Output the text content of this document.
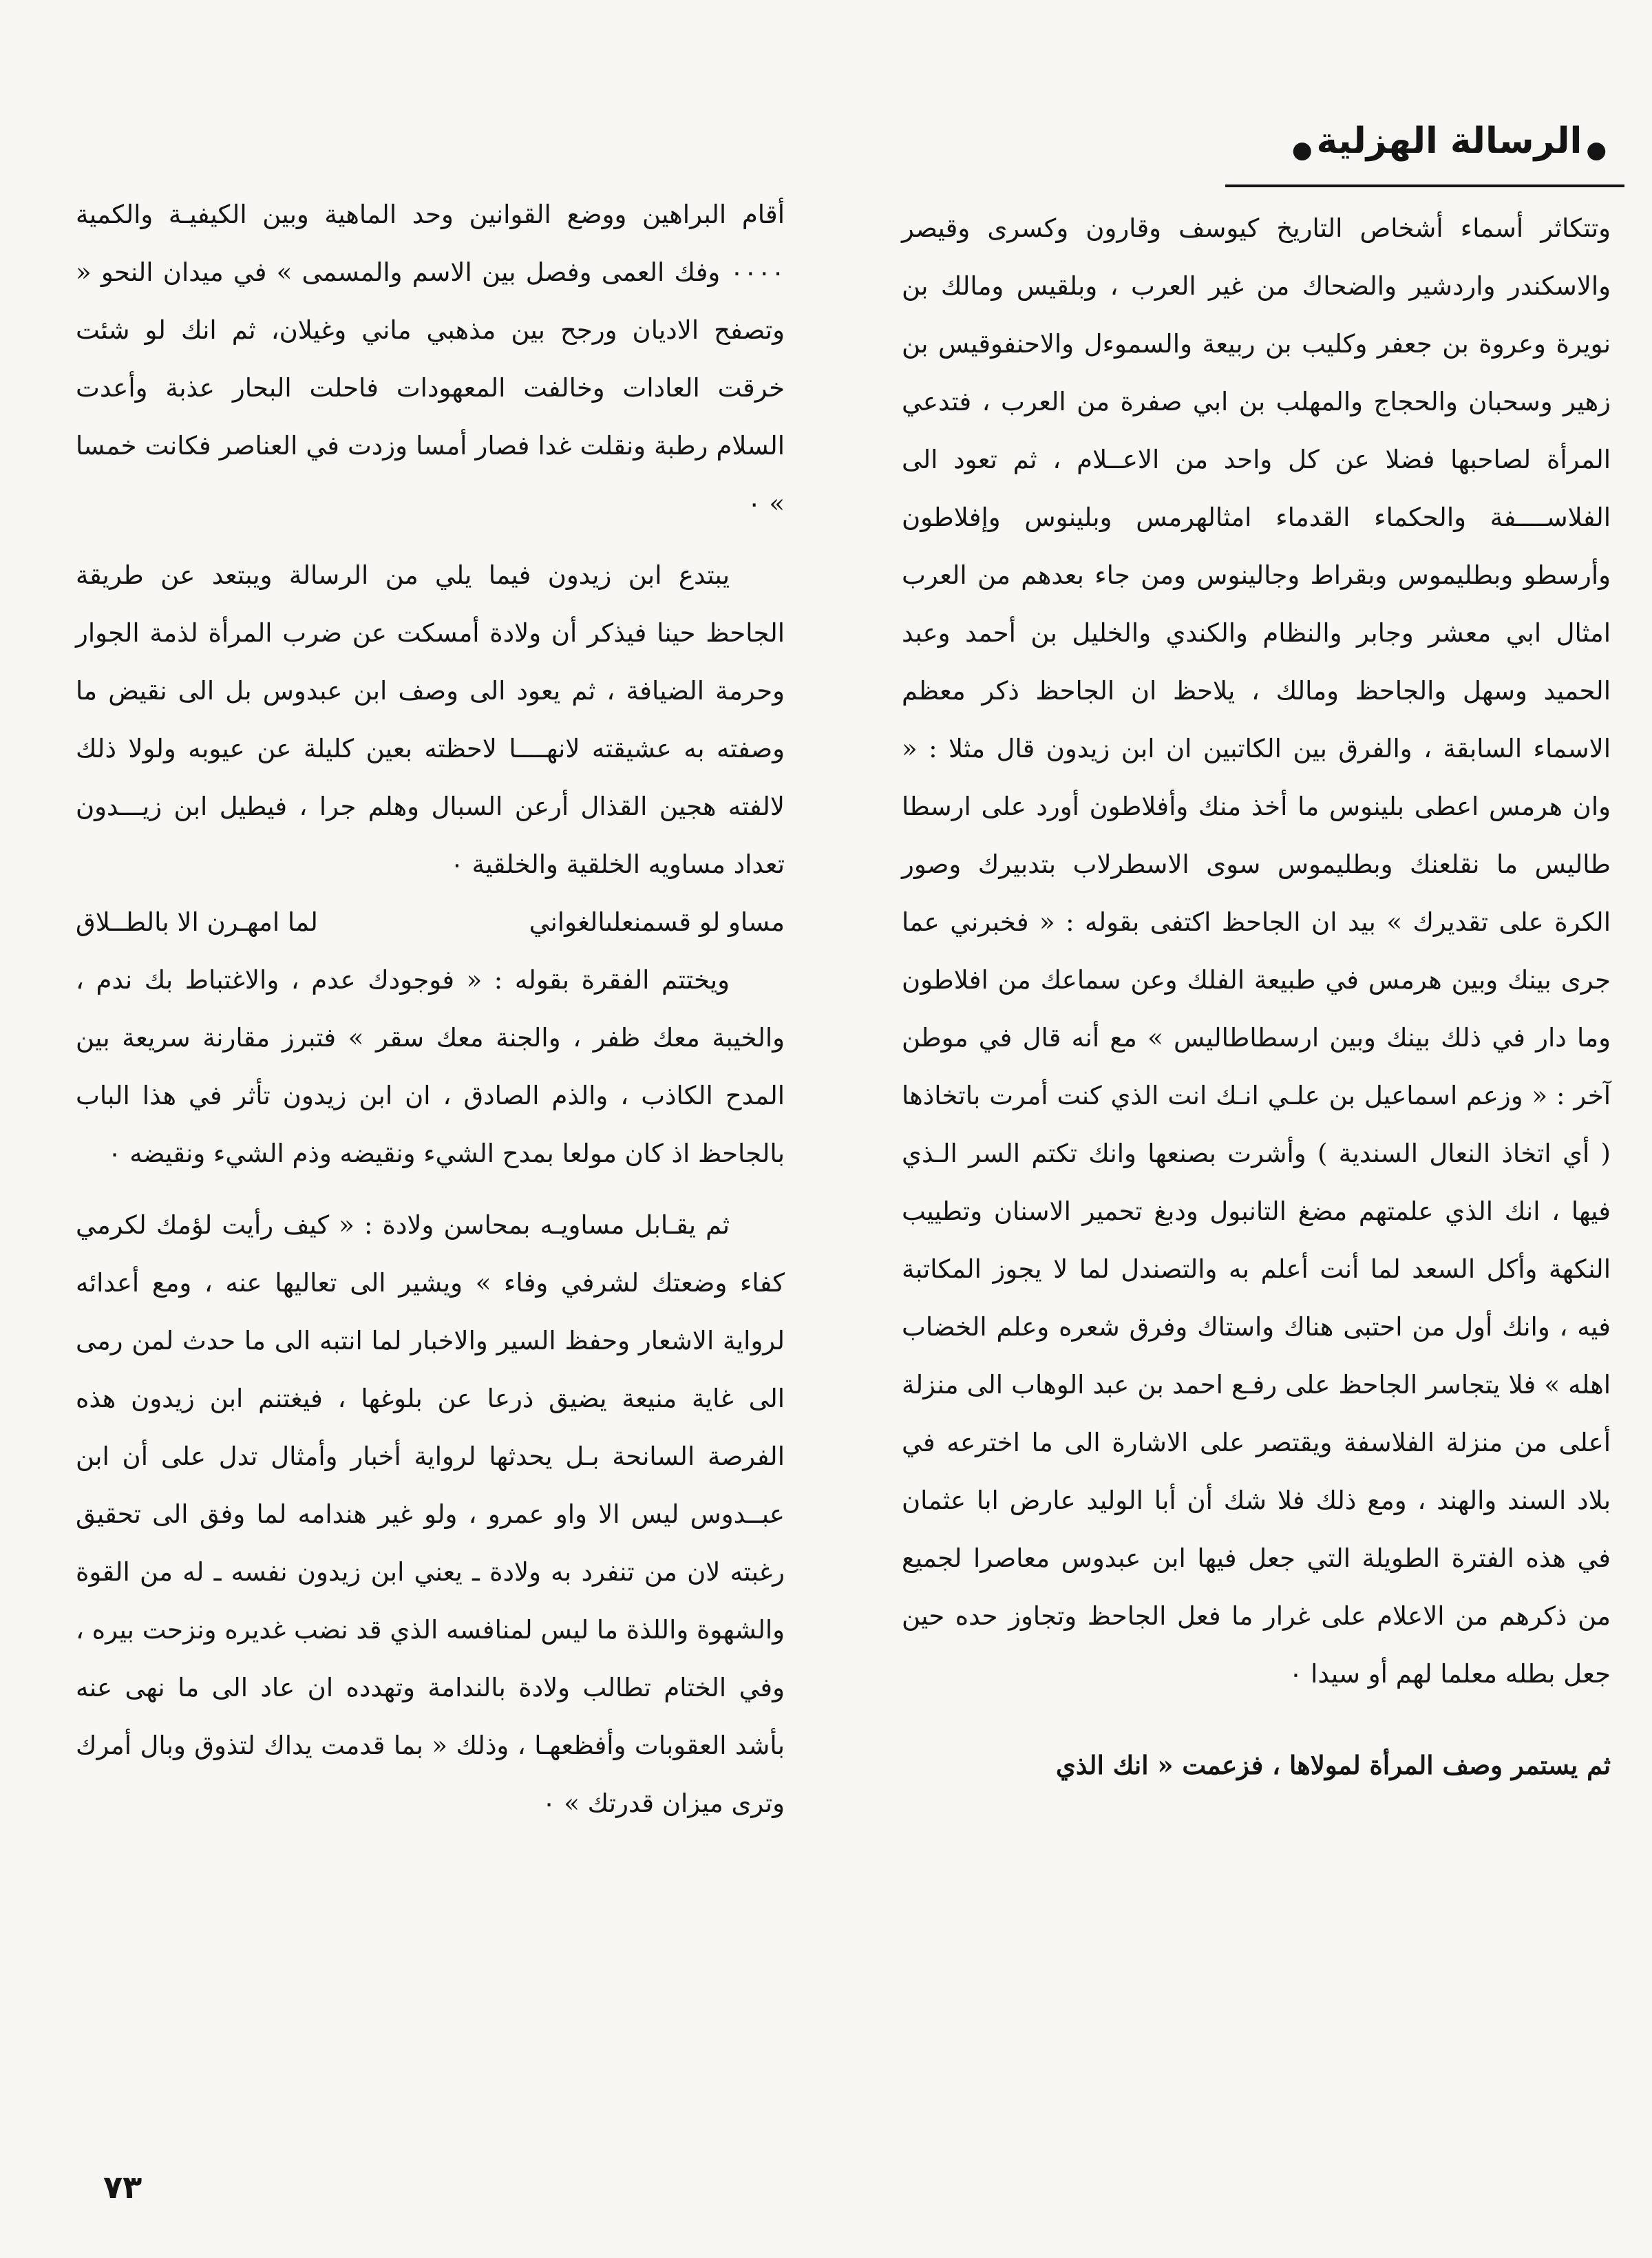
●الرسالة الهزلية●

وتتكاثر أسماء أشخاص التاريخ كيوسف وقارون وكسرى وقيصر والاسكندر واردشير والضحاك من غير العرب ، وبلقيس ومالك بن نويرة وعروة بن جعفر وكليب بن ربيعة والسموءل والاحنفوقيس بن زهير وسحبان والحجاج والمهلب بن ابي صفرة من العرب ، فتدعي المرأة لصاحبها فضلا عن كل واحد من الاعــلام ، ثم تعود الى الفلاســــفة والحكماء القدماء امثالهرمس وبلينوس وإفلاطون وأرسطو وبطليموس وبقراط وجالينوس ومن جاء بعدهم من العرب امثال ابي معشر وجابر والنظام والكندي والخليل بن أحمد وعبد الحميد وسهل والجاحظ ومالك ، يلاحظ ان الجاحظ ذكر معظم الاسماء السابقة ، والفرق بين الكاتبين ان ابن زيدون قال مثلا : « وان هرمس اعطى بلينوس ما أخذ منك وأفلاطون أورد على ارسطا طاليس ما نقلعنك وبطليموس سوى الاسطرلاب بتدبيرك وصور الكرة على تقديرك » بيد ان الجاحظ اكتفى بقوله : « فخبرني عما جرى بينك وبين هرمس في طبيعة الفلك وعن سماعك من افلاطون وما دار في ذلك بينك وبين ارسطاطاليس » مع أنه قال في موطن آخر : « وزعم اسماعيل بن علـي انـك انت الذي كنت أمرت باتخاذها ( أي اتخاذ النعال السندية ) وأشرت بصنعها وانك تكتم السر الـذي فيها ، انك الذي علمتهم مضغ التانبول ودبغ تحمير الاسنان وتطييب النكهة وأكل السعد لما أنت أعلم به والتصندل لما لا يجوز المكاتبة فيه ، وانك أول من احتبى هناك واستاك وفرق شعره وعلم الخضاب اهله » فلا يتجاسر الجاحظ على رفـع احمد بن عبد الوهاب الى منزلة أعلى من منزلة الفلاسفة ويقتصر على الاشارة الى ما اخترعه في بلاد السند والهند ، ومع ذلك فلا شك أن أبا الوليد عارض ابا عثمان في هذه الفترة الطويلة التي جعل فيها ابن عبدوس معاصرا لجميع من ذكرهم من الاعلام على غرار ما فعل الجاحظ وتجاوز حده حين جعل بطله معلما لهم أو سيدا ٠

ثم يستمر وصف المرأة لمولاها ، فزعمت « انك الذي

أقام البراهين ووضع القوانين وحد الماهية وبين الكيفيـة والكمية ٠٠٠٠ وفك العمى وفصل بين الاسم والمسمى » في ميدان النحو « وتصفح الاديان ورجح بين مذهبي ماني وغيلان، ثم انك لو شئت خرقت العادات وخالفت المعهودات فاحلت البحار عذبة وأعدت السلام رطبة ونقلت غدا فصار أمسا وزدت في العناصر فكانت خمسا » ٠

يبتدع ابن زيدون فيما يلي من الرسالة ويبتعد عن طريقة الجاحظ حينا فيذكر أن ولادة أمسكت عن ضرب المرأة لذمة الجوار وحرمة الضيافة ، ثم يعود الى وصف ابن عبدوس بل الى نقيض ما وصفته به عشيقته لانهــــا لاحظته بعين كليلة عن عيوبه ولولا ذلك لالفته هجين القذال أرعن السبال وهلم جرا ، فيطيل ابن زيـــدون تعداد مساويه الخلقية والخلقية ٠

مساو لو قسمنعلىالغواني
لما امهـرن الا بالطــلاق

ويختتم الفقرة بقوله : « فوجودك عدم ، والاغتباط بك ندم ، والخيبة معك ظفر ، والجنة معك سقر » فتبرز مقارنة سريعة بين المدح الكاذب ، والذم الصادق ، ان ابن زيدون تأثر في هذا الباب بالجاحظ اذ كان مولعا بمدح الشيء ونقيضه وذم الشيء ونقيضه ٠

ثم يقـابل مساويـه بمحاسن ولادة : « كيف رأيت لؤمك لكرمي كفاء وضعتك لشرفي وفاء » ويشير الى تعاليها عنه ، ومع أعدائه لرواية الاشعار وحفظ السير والاخبار لما انتبه الى ما حدث لمن رمى الى غاية منيعة يضيق ذرعا عن بلوغها ، فيغتنم ابن زيدون هذه الفرصة السانحة بـل يحدثها لرواية أخبار وأمثال تدل على أن ابن عبــدوس ليس الا واو عمرو ، ولو غير هندامه لما وفق الى تحقيق رغبته لان من تنفرد به ولادة ـ يعني ابن زيدون نفسه ـ له من القوة والشهوة واللذة ما ليس لمنافسه الذي قد نضب غديره ونزحت بيره ، وفي الختام تطالب ولادة بالندامة وتهدده ان عاد الى ما نهى عنه بأشد العقوبات وأفظعهـا ، وذلك « بما قدمت يداك لتذوق وبال أمرك وترى ميزان قدرتك » ٠

٧٣
